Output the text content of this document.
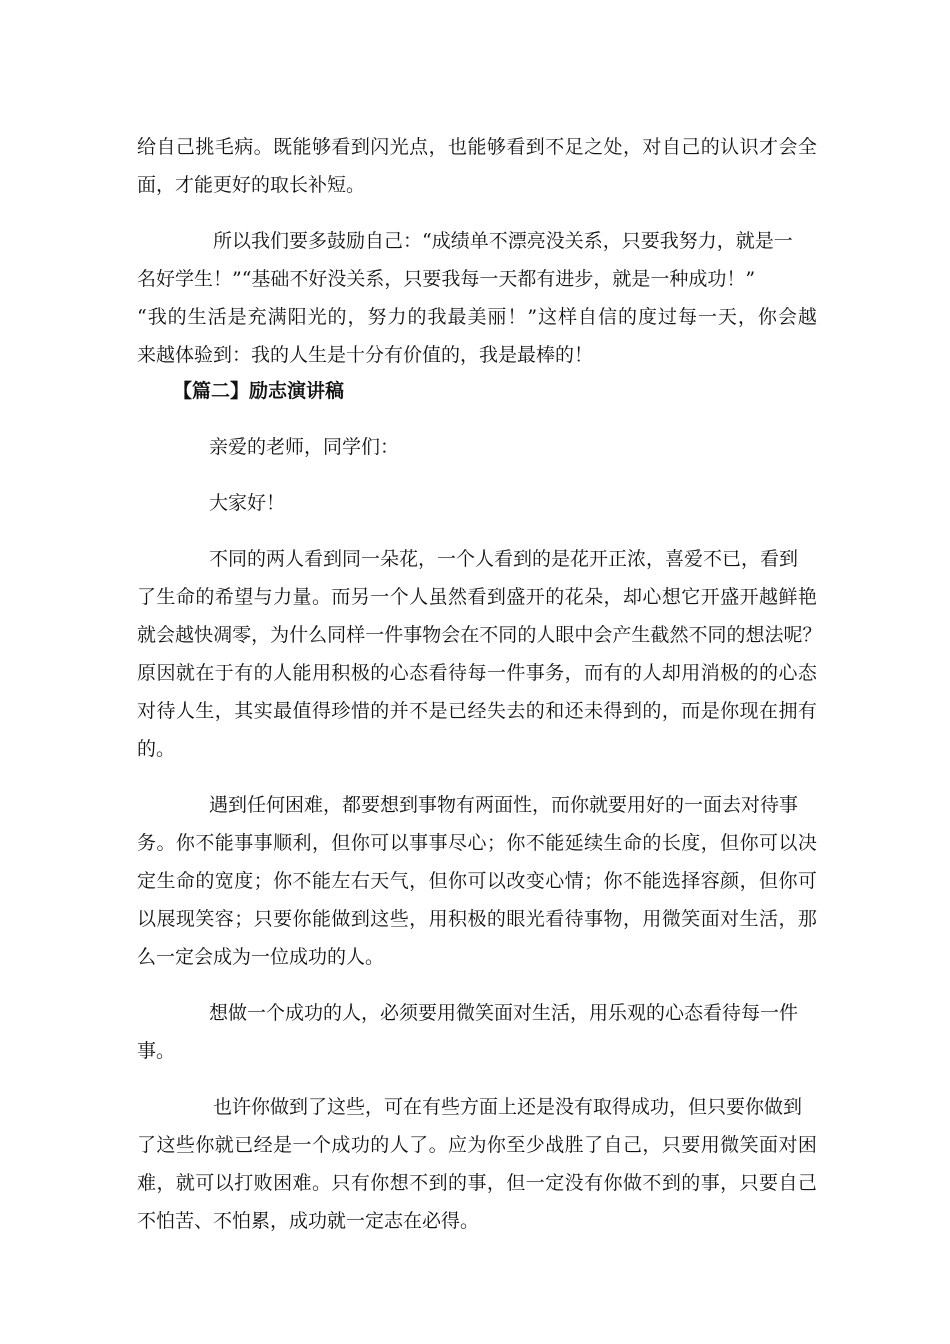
给 自 己 挑 毛 病 。 既 能 够 看 到 闪 光 点 ， 也 能 够 看 到 不 足 之 处 ， 对 自 己 的 认 识 才 会 全
面，才能更好的取长补短。
所以我们要多鼓励自己：“成绩单不漂亮没关系，只要我努力，就是一
名好学生！”“基础不好没关系，只要我每一天都有进步，就是一种成功！”
“ 我 的 生 活 是 充 满 阳 光 的 ， 努 力 的 我 最 美 丽 ！ ” 这 样 自 信 的 度 过 每 一 天 ， 你 会 越
来越体验到：我的人生是十分有价值的，我是最棒的！
【篇二】励志演讲稿
亲爱的老师，同学们：
大家好！
不同的两人看到同一朵花，一个人看到的是花开正浓，喜爱不已，看到
了 生 命 的 希 望 与 力 量 。 而 另 一 个 人 虽 然 看 到 盛 开 的 花 朵 ， 却 心 想 它 开 盛 开 越 鲜 艳
就 会 越 快 凋 零 ， 为 什 么 同 样 一 件 事 物 会 在 不 同 的 人 眼 中 会 产 生 截 然 不 同 的 想 法 呢 ？
原 因 就 在 于 有 的 人 能 用 积 极 的 心 态 看 待 每 一 件 事 务 ， 而 有 的 人 却 用 消 极 的 的 心 态
对 待 人 生 ， 其 实 最 值 得 珍 惜 的 并 不 是 已 经 失 去 的 和 还 未 得 到 的 ， 而 是 你 现 在 拥 有
的。
遇到任何困难，都要想到事物有两面性，而你就要用好的一面去对待事
务 。 你 不 能 事 事 顺 利 ， 但 你 可 以 事 事 尽 心 ； 你 不 能 延 续 生 命 的 长 度 ， 但 你 可 以 决
定 生 命 的 宽 度 ； 你 不 能 左 右 天 气 ， 但 你 可 以 改 变 心 情 ； 你 不 能 选 择 容 颜 ， 但 你 可
以 展 现 笑 容 ； 只 要 你 能 做 到 这 些 ， 用 积 极 的 眼 光 看 待 事 物 ， 用 微 笑 面 对 生 活 ， 那
么一定会成为一位成功的人。
想做一个成功的人，必须要用微笑面对生活，用乐观的心态看待每一件
事。
也许你做到了这些，可在有些方面上还是没有取得成功，但只要你做到
了 这 些 你 就 已 经 是 一 个 成 功 的 人 了 。 应 为 你 至 少 战 胜 了 自 己 ， 只 要 用 微 笑 面 对 困
难 ， 就 可 以 打 败 困 难 。 只 有 你 想 不 到 的 事 ， 但 一 定 没 有 你 做 不 到 的 事 ， 只 要 自 己
不怕苦、不怕累，成功就一定志在必得。
